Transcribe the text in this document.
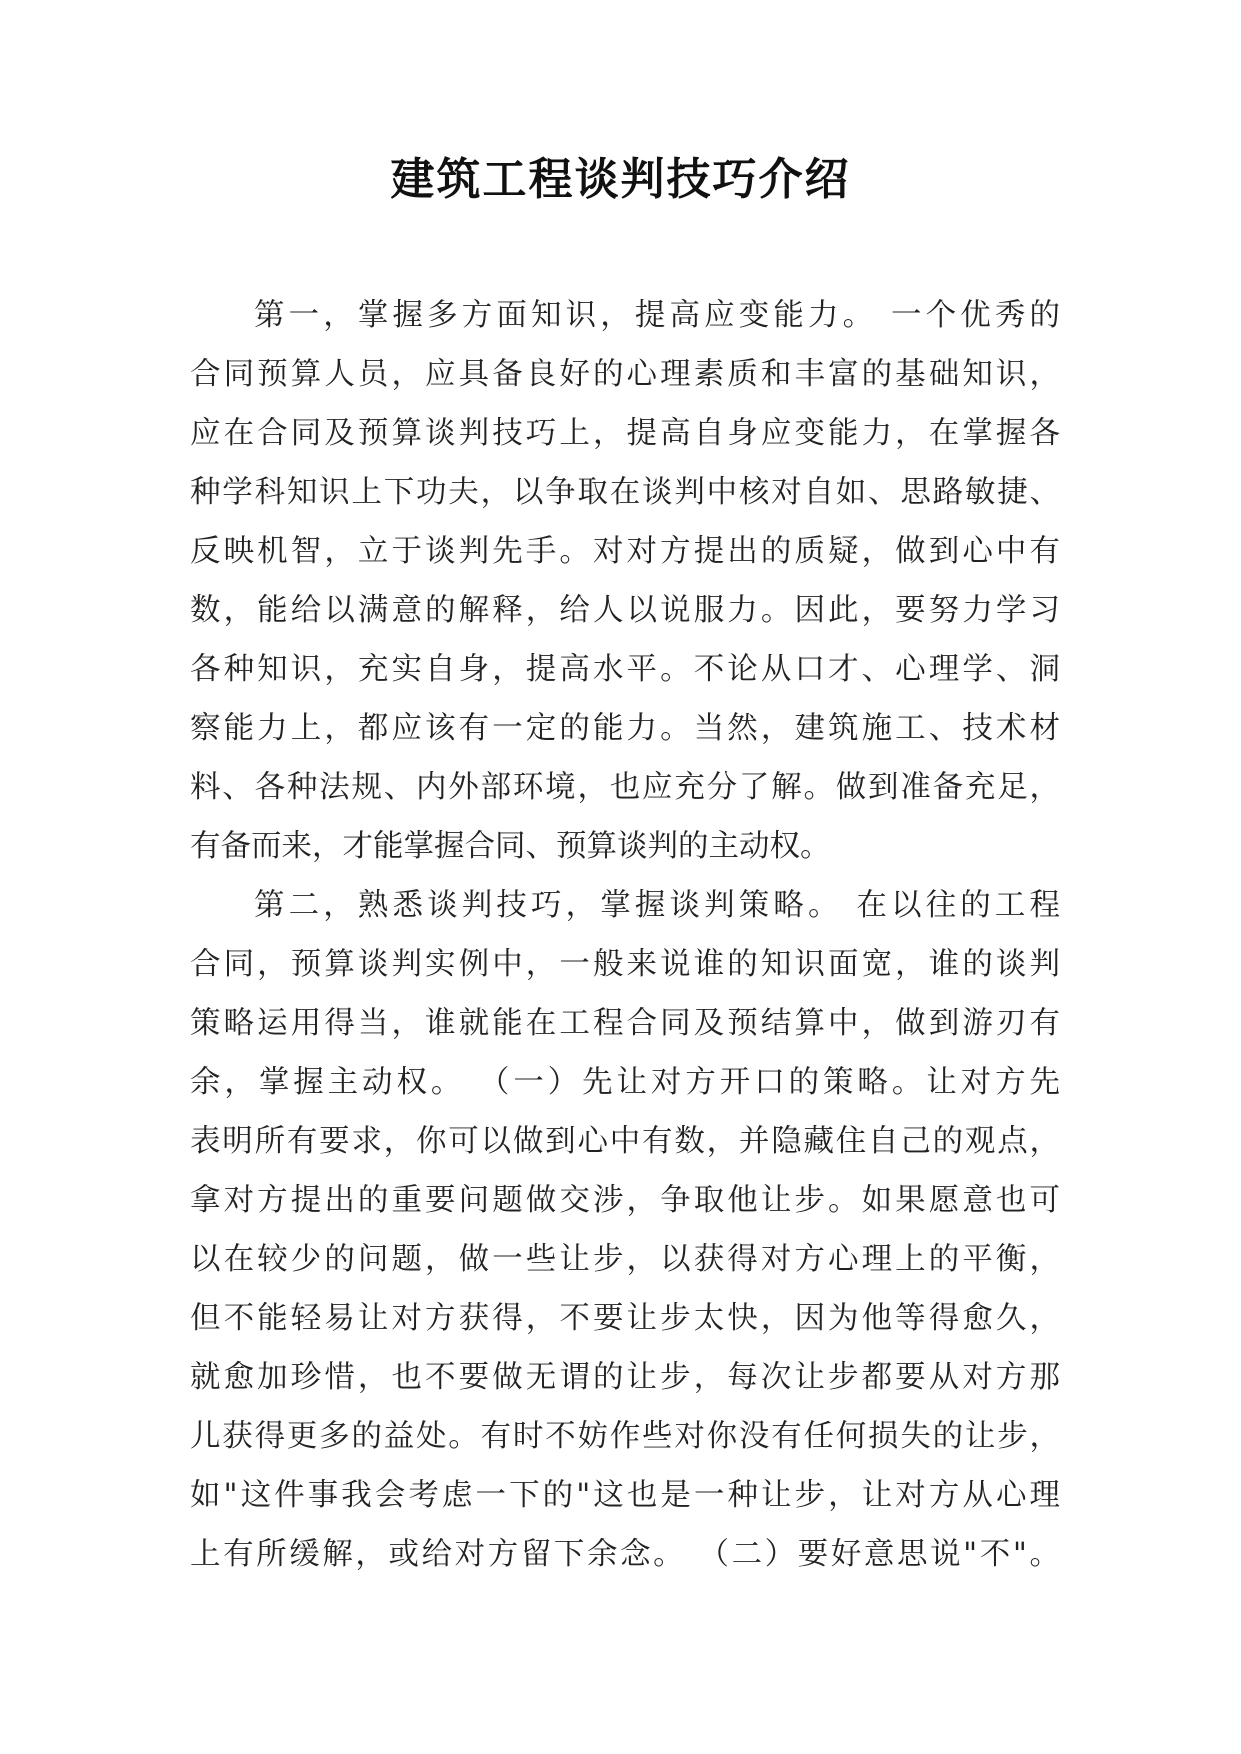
建筑工程谈判技巧介绍
第一，掌握多方面知识，提高应变能力。 一个优秀的
合同预算人员，应具备良好的心理素质和丰富的基础知识，
应在合同及预算谈判技巧上，提高自身应变能力，在掌握各
种学科知识上下功夫，以争取在谈判中核对自如、思路敏捷、
反映机智，立于谈判先手。对对方提出的质疑，做到心中有
数，能给以满意的解释，给人以说服力。因此，要努力学习
各种知识，充实自身，提高水平。不论从口才、心理学、洞
察能力上，都应该有一定的能力。当然，建筑施工、技术材
料、各种法规、内外部环境，也应充分了解。做到准备充足，
有备而来，才能掌握合同、预算谈判的主动权。
第二，熟悉谈判技巧，掌握谈判策略。 在以往的工程
合同，预算谈判实例中，一般来说谁的知识面宽，谁的谈判
策略运用得当，谁就能在工程合同及预结算中，做到游刃有
余，掌握主动权。 （一）先让对方开口的策略。让对方先
表明所有要求，你可以做到心中有数，并隐藏住自己的观点，
拿对方提出的重要问题做交涉，争取他让步。如果愿意也可
以在较少的问题，做一些让步，以获得对方心理上的平衡，
但不能轻易让对方获得，不要让步太快，因为他等得愈久，
就愈加珍惜，也不要做无谓的让步，每次让步都要从对方那
儿获得更多的益处。有时不妨作些对你没有任何损失的让步，
如"这件事我会考虑一下的"这也是一种让步，让对方从心理
上有所缓解，或给对方留下余念。 （二）要好意思说"不"。
